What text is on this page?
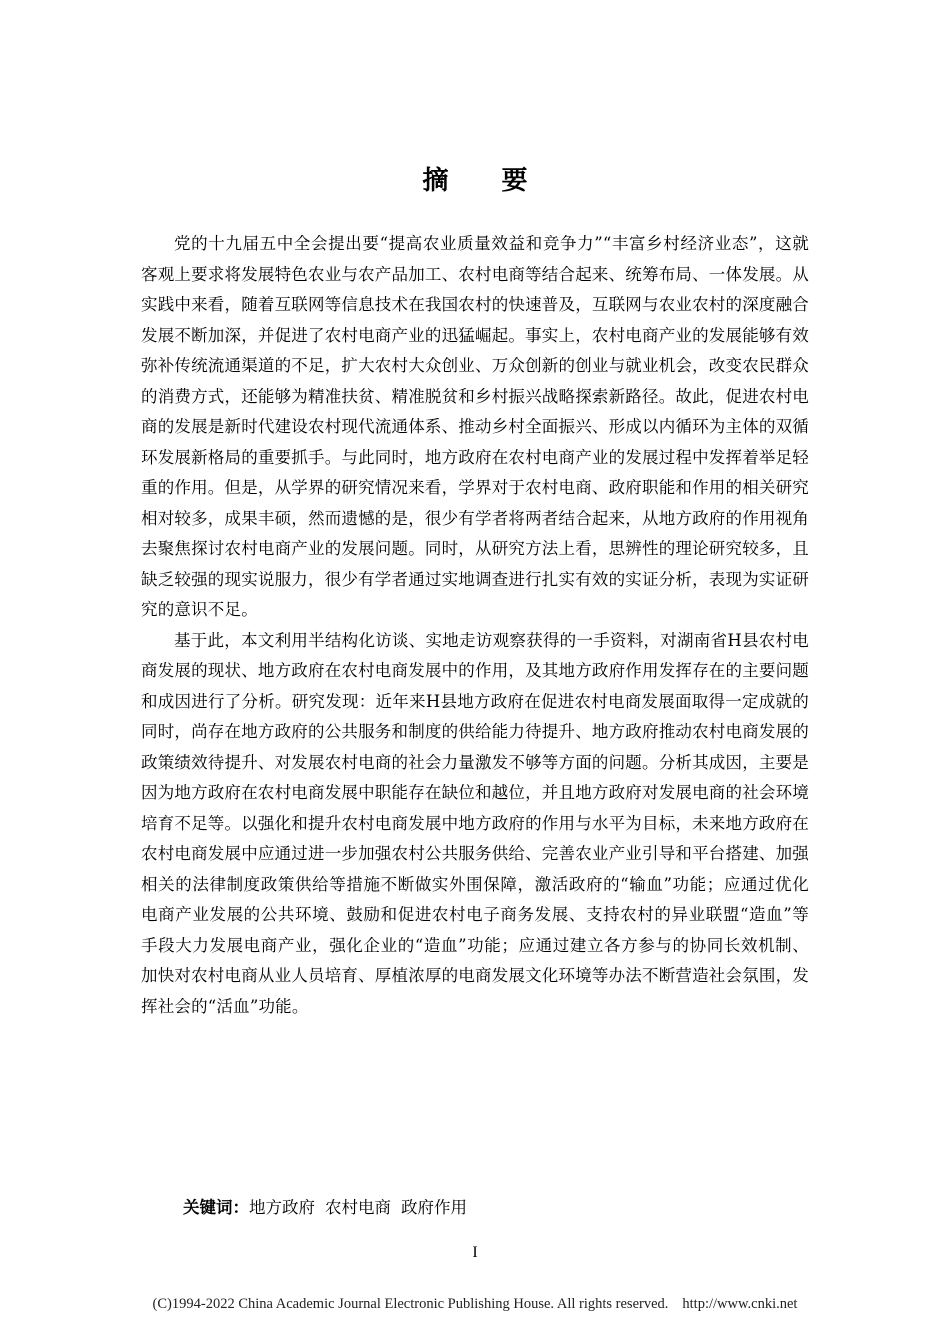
摘 要

党的十九届五中全会提出要“提高农业质量效益和竞争力”“丰富乡村经济业态”，这就客观上要求将发展特色农业与农产品加工、农村电商等结合起来、统筹布局、一体发展。从实践中来看，随着互联网等信息技术在我国农村的快速普及，互联网与农业农村的深度融合发展不断加深，并促进了农村电商产业的迅猛崛起。事实上，农村电商产业的发展能够有效弥补传统流通渠道的不足，扩大农村大众创业、万众创新的创业与就业机会，改变农民群众的消费方式，还能够为精准扶贫、精准脱贫和乡村振兴战略探索新路径。故此，促进农村电商的发展是新时代建设农村现代流通体系、推动乡村全面振兴、形成以内循环为主体的双循环发展新格局的重要抓手。与此同时，地方政府在农村电商产业的发展过程中发挥着举足轻重的作用。但是，从学界的研究情况来看，学界对于农村电商、政府职能和作用的相关研究相对较多，成果丰硕，然而遗憾的是，很少有学者将两者结合起来，从地方政府的作用视角去聚焦探讨农村电商产业的发展问题。同时，从研究方法上看，思辨性的理论研究较多，且缺乏较强的现实说服力，很少有学者通过实地调查进行扎实有效的实证分析，表现为实证研究的意识不足。

基于此，本文利用半结构化访谈、实地走访观察获得的一手资料，对湖南省H县农村电商发展的现状、地方政府在农村电商发展中的作用，及其地方政府作用发挥存在的主要问题和成因进行了分析。研究发现：近年来H县地方政府在促进农村电商发展面取得一定成就的同时，尚存在地方政府的公共服务和制度的供给能力待提升、地方政府推动农村电商发展的政策绩效待提升、对发展农村电商的社会力量激发不够等方面的问题。分析其成因，主要是因为地方政府在农村电商发展中职能存在缺位和越位，并且地方政府对发展电商的社会环境培育不足等。以强化和提升农村电商发展中地方政府的作用与水平为目标，未来地方政府在农村电商发展中应通过进一步加强农村公共服务供给、完善农业产业引导和平台搭建、加强相关的法律制度政策供给等措施不断做实外围保障，激活政府的“输血”功能；应通过优化电商产业发展的公共环境、鼓励和促进农村电子商务发展、支持农村的异业联盟“造血”等手段大力发展电商产业，强化企业的“造血”功能；应通过建立各方参与的协同长效机制、加快对农村电商从业人员培育、厚植浓厚的电商发展文化环境等办法不断营造社会氛围，发挥社会的“活血”功能。

关键词：地方政府 农村电商 政府作用
I
(C)1994-2022 China Academic Journal Electronic Publishing House. All rights reserved. http://www.cnki.net
